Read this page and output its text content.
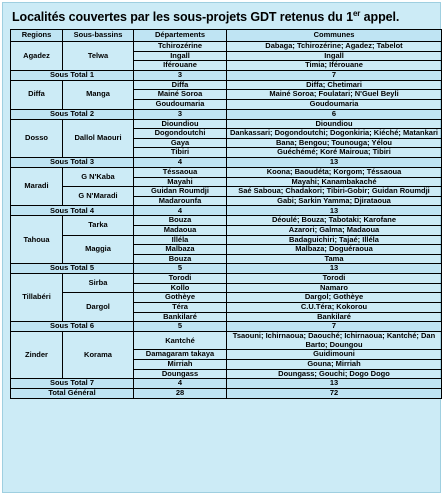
Localités couvertes par les sous-projets GDT retenus du 1er appel.
Regions	Sous-bassins	Départements	Communes
Agadez	Telwa	Tchirozérine	Dabaga; Tchirozérine; Agadez; Tabelot
		Ingall	Ingall
		Iférouane	Timia; Iférouane
Sous Total 1		3	7
Diffa	Manga	Diffa	Diffa; Chetimari
		Mainé Soroa	Mainé Soroa; Foulatari; N'Guel Beyli
		Goudoumaria	Goudoumaria
Sous Total 2		3	6
Dosso	Dallol Maouri	Dioundiou	Dioundiou
		Dogondoutchi	Dankassari; Dogondoutchi; Dogonkiria; Kiéché; Matankari
		Gaya	Bana; Bengou; Tounouga; Yélou
		Tibiri	Guéchémé; Koré Mairoua; Tibiri
Sous Total 3		4	13
Maradi	G N'Kaba	Téssaoua	Koona; Baoudéta; Korgom; Téssaoua
		Mayahi	Mayahi; Kanambakaché
	G N'Maradi	Guidan Roumdji	Saé Saboua; Chadakori; Tibiri-Gobir; Guidan Roumdji
		Madarounfa	Gabi; Sarkin Yamma; Djirataoua
Sous Total 4		4	13
Tahoua	Tarka	Bouza	Déoulé; Bouza; Tabotaki; Karofane
		Madaoua	Azarori; Galma; Madaoua
	Maggia	Illéla	Badaguichiri; Tajaé; Illéla
		Malbaza	Malbaza; Doguéraoua
		Bouza	Tama
Sous Total 5		5	13
Tillabéri	Sirba	Torodi	Torodi
		Kollo	Namaro
	Dargol	Gothèye	Dargol; Gothèye
		Téra	C.U.Téra; Kokorou
		Bankilaré	Bankilaré
Sous Total 6		5	7
Zinder	Korama	Kantché	Tsaouni; Ichirnaoua; Daouché; Ichirnaoua; Kantché; Dan Barto; Doungou
		Damagaram takaya	Guidimouni
		Mirriah	Gouna; Mirriah
		Doungass	Doungass; Gouchi; Dogo Dogo
Sous Total 7		4	13
Total Général		28	72
